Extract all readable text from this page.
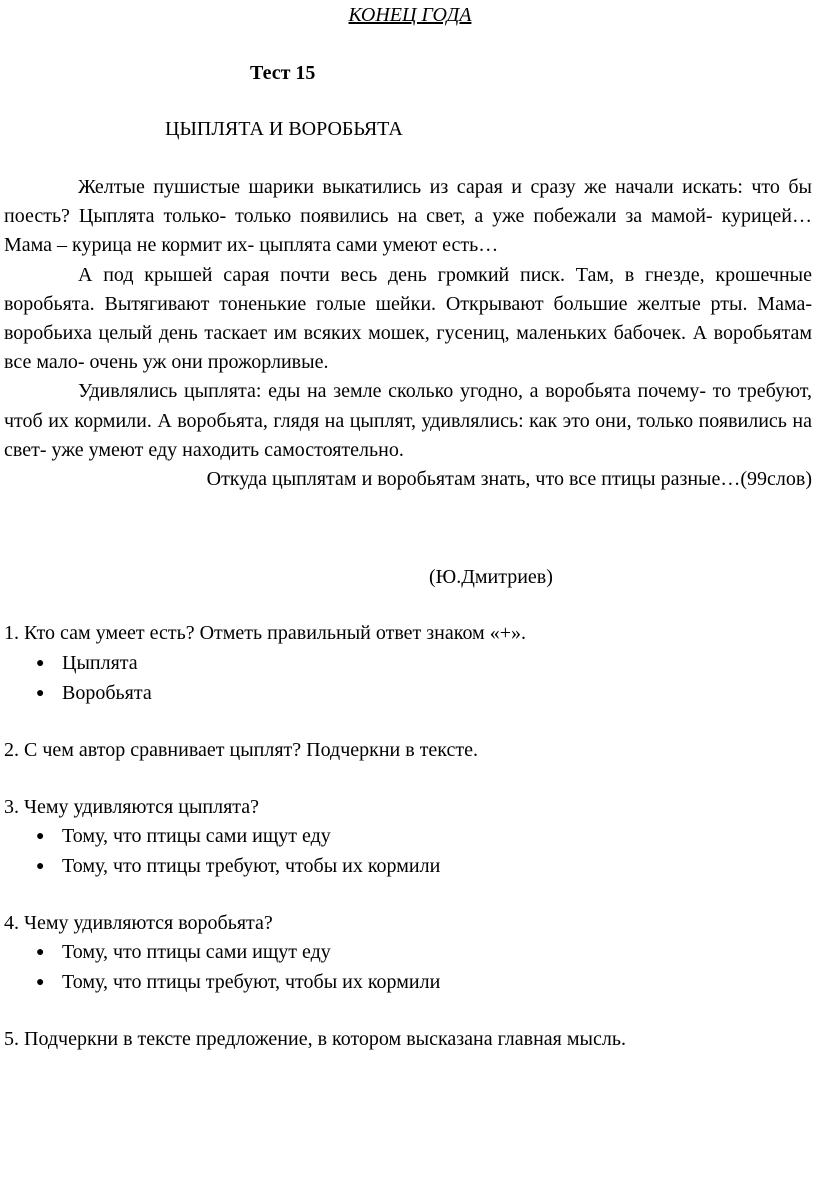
КОНЕЦ ГОДА
Тест 15
ЦЫПЛЯТА И ВОРОБЬЯТА

Желтые пушистые шарики выкатились из сарая и сразу же начали искать: что бы поесть? Цыплята только- только появились на свет, а уже побежали за мамой- курицей… Мама – курица не кормит их- цыплята сами умеют есть…

А под крышей сарая почти весь день громкий писк. Там, в гнезде, крошечные воробьята. Вытягивают тоненькие голые шейки. Открывают большие желтые рты. Мама- воробьиха целый день таскает им всяких мошек, гусениц, маленьких бабочек. А воробьятам все мало- очень уж они прожорливые.

Удивлялись цыплята: еды на земле сколько угодно, а воробьята почему- то требуют, чтоб их кормили. А воробьята, глядя на цыплят, удивлялись: как это они, только появились на свет- уже умеют еду находить самостоятельно.

Откуда цыплятам и воробьятам знать, что все птицы разные…(99слов)

(Ю.Дмитриев)
1. Кто сам умеет есть? Отметь правильный ответ знаком «+».
● Цыплята
● Воробьята
2. С чем автор сравнивает цыплят? Подчеркни в тексте.
3. Чему удивляются цыплята?
● Тому, что птицы сами ищут еду
● Тому, что птицы требуют, чтобы их кормили
4. Чему удивляются воробьята?
● Тому, что птицы сами ищут еду
● Тому, что птицы требуют, чтобы их кормили
5. Подчеркни в тексте предложение, в котором высказана главная мысль.
